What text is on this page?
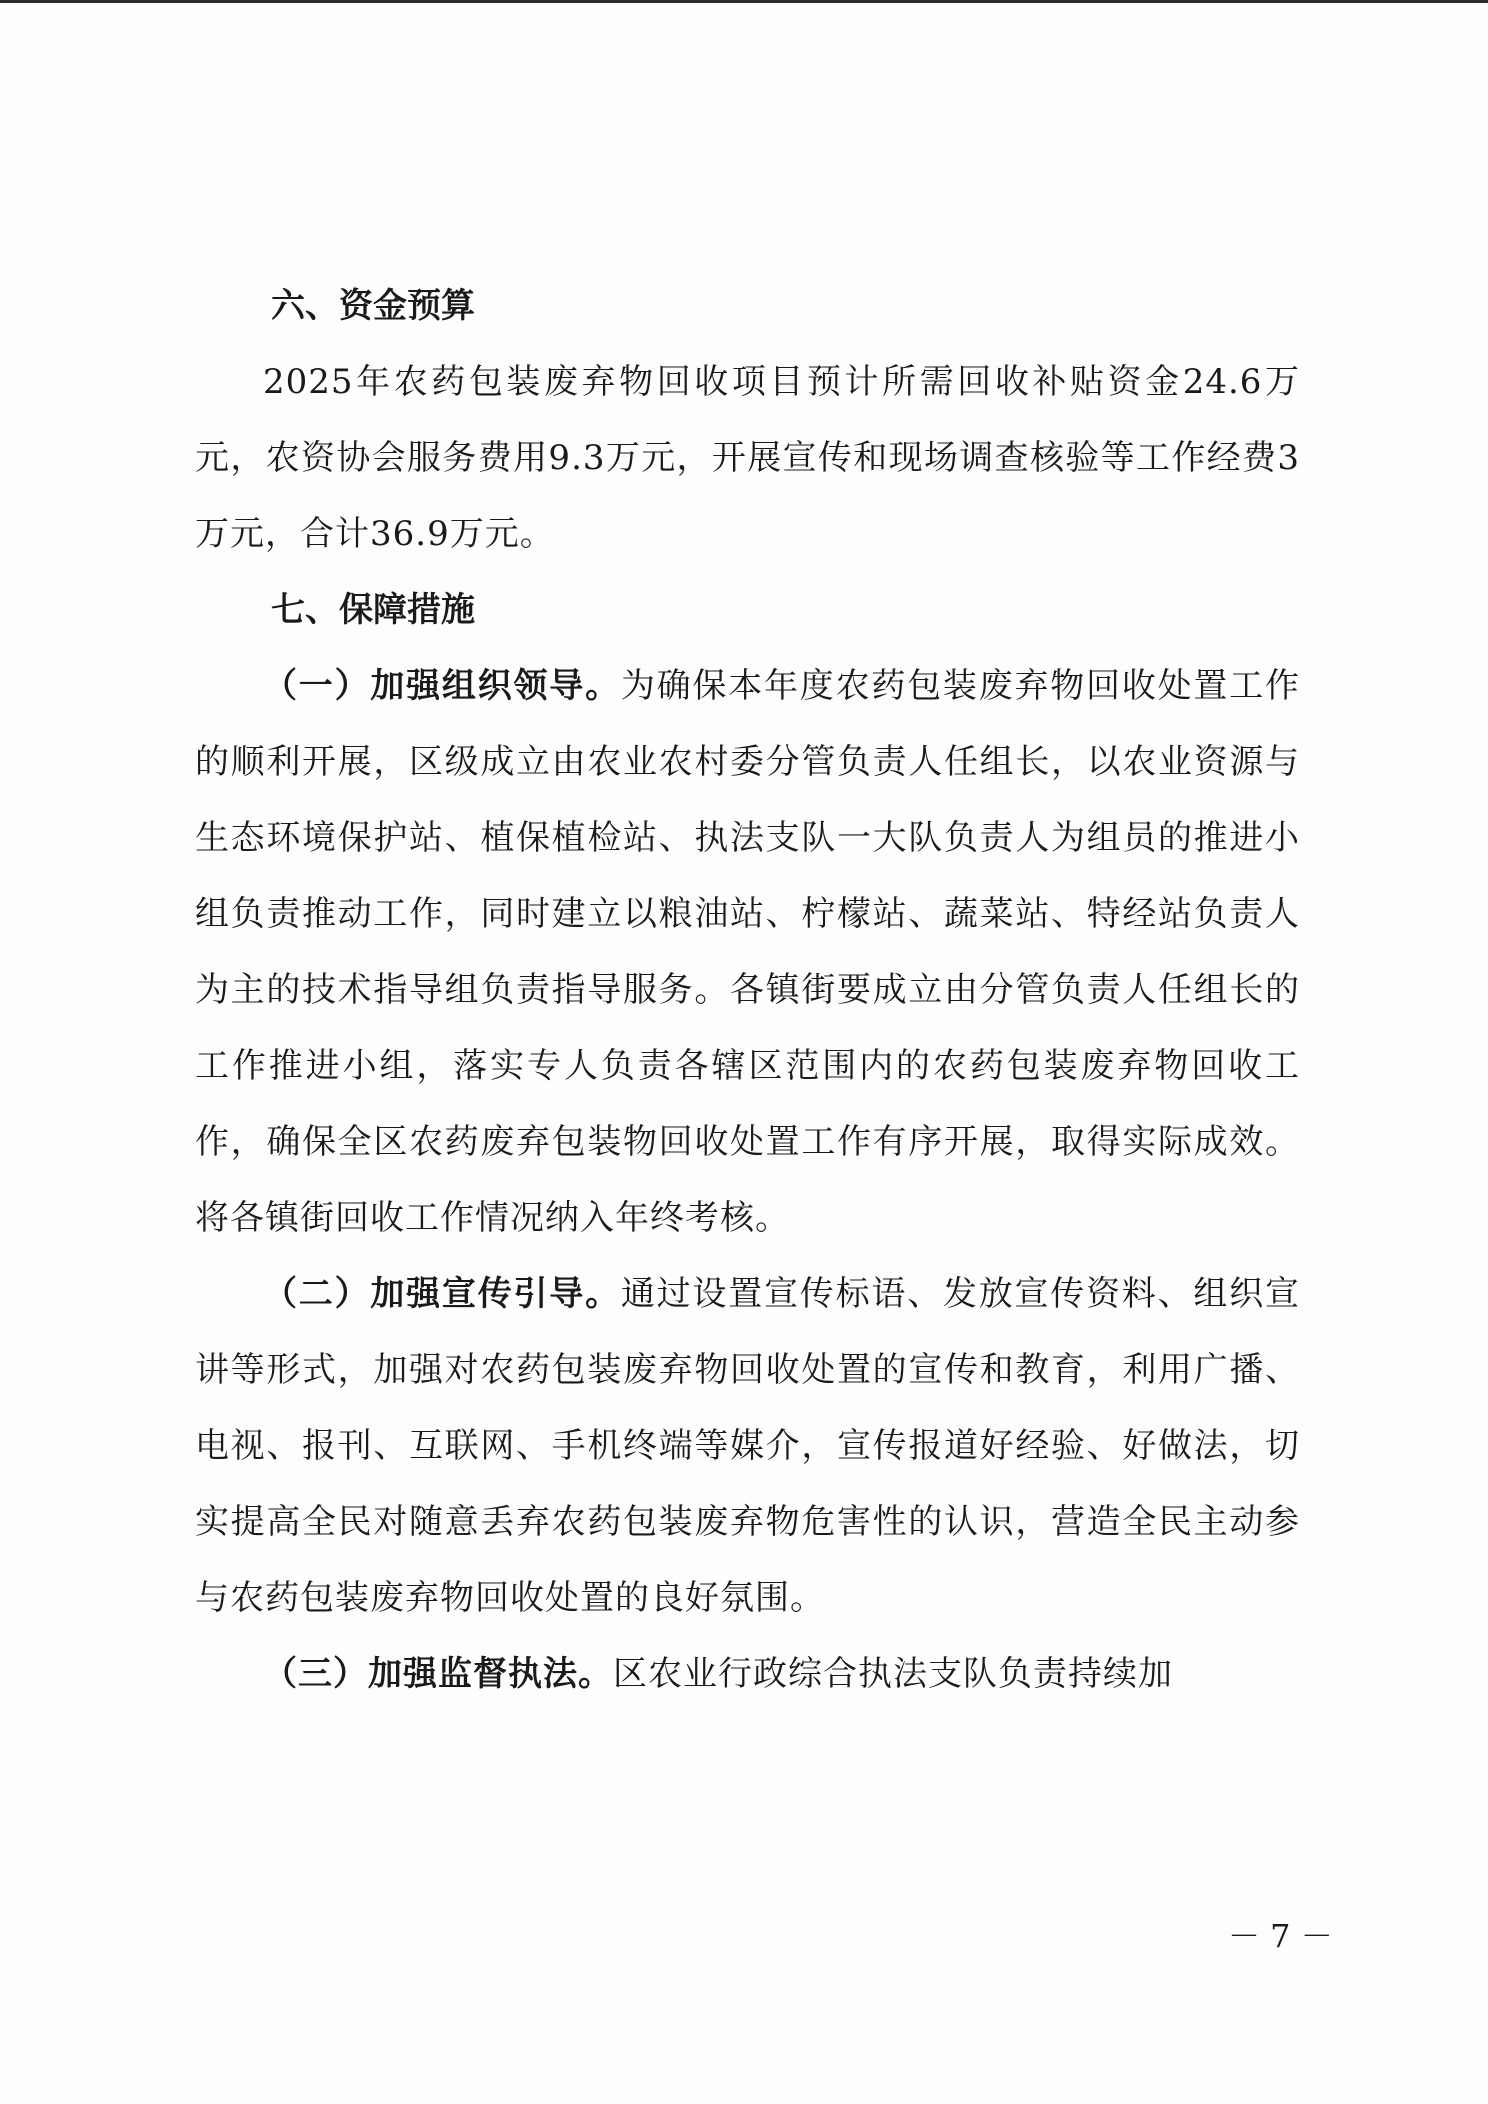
六、资金预算

2025年农药包装废弃物回收项目预计所需回收补贴资金24.6万元，农资协会服务费用9.3万元，开展宣传和现场调查核验等工作经费3万元，合计36.9万元。

七、保障措施

（一）加强组织领导。为确保本年度农药包装废弃物回收处置工作的顺利开展，区级成立由农业农村委分管负责人任组长，以农业资源与生态环境保护站、植保植检站、执法支队一大队负责人为组员的推进小组负责推动工作，同时建立以粮油站、柠檬站、蔬菜站、特经站负责人为主的技术指导组负责指导服务。各镇街要成立由分管负责人任组长的工作推进小组，落实专人负责各辖区范围内的农药包装废弃物回收工作，确保全区农药废弃包装物回收处置工作有序开展，取得实际成效。将各镇街回收工作情况纳入年终考核。

（二）加强宣传引导。通过设置宣传标语、发放宣传资料、组织宣讲等形式，加强对农药包装废弃物回收处置的宣传和教育，利用广播、电视、报刊、互联网、手机终端等媒介，宣传报道好经验、好做法，切实提高全民对随意丢弃农药包装废弃物危害性的认识，营造全民主动参与农药包装废弃物回收处置的良好氛围。

（三）加强监督执法。区农业行政综合执法支队负责持续加

－ 7 －
